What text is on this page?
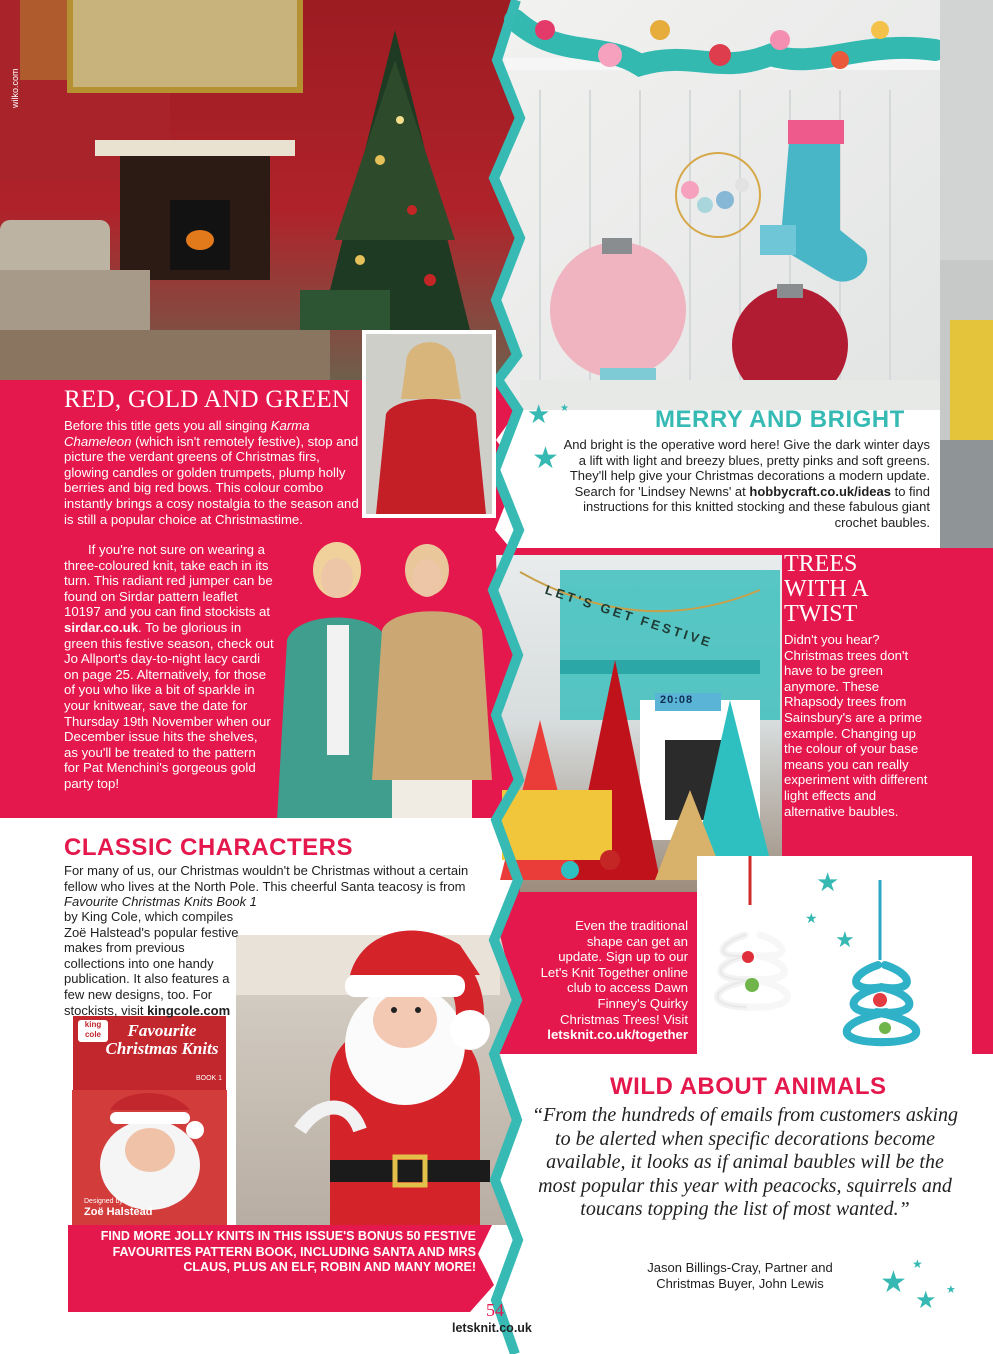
wilko.com
RED, GOLD AND GREEN
Before this title gets you all singing Karma Chameleon (which isn't remotely festive), stop and picture the verdant greens of Christmas firs, glowing candles or golden trumpets, plump holly berries and big red bows. This colour combo instantly brings a cosy nostalgia to the season and is still a popular choice at Christmastime.
If you're not sure on wearing a three-coloured knit, take each in its turn. This radiant red jumper can be found on Sirdar pattern leaflet 10197 and you can find stockists at sirdar.co.uk. To be glorious in green this festive season, check out Jo Allport's day-to-night lacy cardi on page 25. Alternatively, for those of you who like a bit of sparkle in your knitwear, save the date for Thursday 19th November when our December issue hits the shelves, as you'll be treated to the pattern for Pat Menchini's gorgeous gold party top!
MERRY AND BRIGHT
And bright is the operative word here! Give the dark winter days a lift with light and breezy blues, pretty pinks and soft greens. They'll help give your Christmas decorations a modern update. Search for 'Lindsey Newns' at hobbycraft.co.uk/ideas to find instructions for this knitted stocking and these fabulous giant crochet baubles.
TREES WITH A TWIST
Didn't you hear? Christmas trees don't have to be green anymore. These Rhapsody trees from Sainsbury's are a prime example. Changing up the colour of your base means you can really experiment with different light effects and alternative baubles.
LET'S GET FESTIVE
20:08
Even the traditional shape can get an update. Sign up to our Let's Knit Together online club to access Dawn Finney's Quirky Christmas Trees! Visit letsknit.co.uk/together
CLASSIC CHARACTERS
For many of us, our Christmas wouldn't be Christmas without a certain fellow who lives at the North Pole. This cheerful Santa teacosy is from Favourite Christmas Knits Book 1
by King Cole, which compiles Zoë Halstead's popular festive makes from previous collections into one handy publication. It also features a few new designs, too. For stockists, visit kingcole.com
king cole	Favourite Christmas Knits
BOOK 1
Designed by
Zoë Halstead
FIND MORE JOLLY KNITS IN THIS ISSUE'S BONUS 50 FESTIVE FAVOURITES PATTERN BOOK, INCLUDING SANTA AND MRS CLAUS, PLUS AN ELF, ROBIN AND MANY MORE!
WILD ABOUT ANIMALS
“From the hundreds of emails from customers asking to be alerted when specific decorations become available, it looks as if animal baubles will be the most popular this year with peacocks, squirrels and toucans topping the list of most wanted.”
Jason Billings-Cray, Partner and Christmas Buyer, John Lewis
54
letsknit.co.uk
★ ★
★
★
★
★
★
★
★
★ ★
